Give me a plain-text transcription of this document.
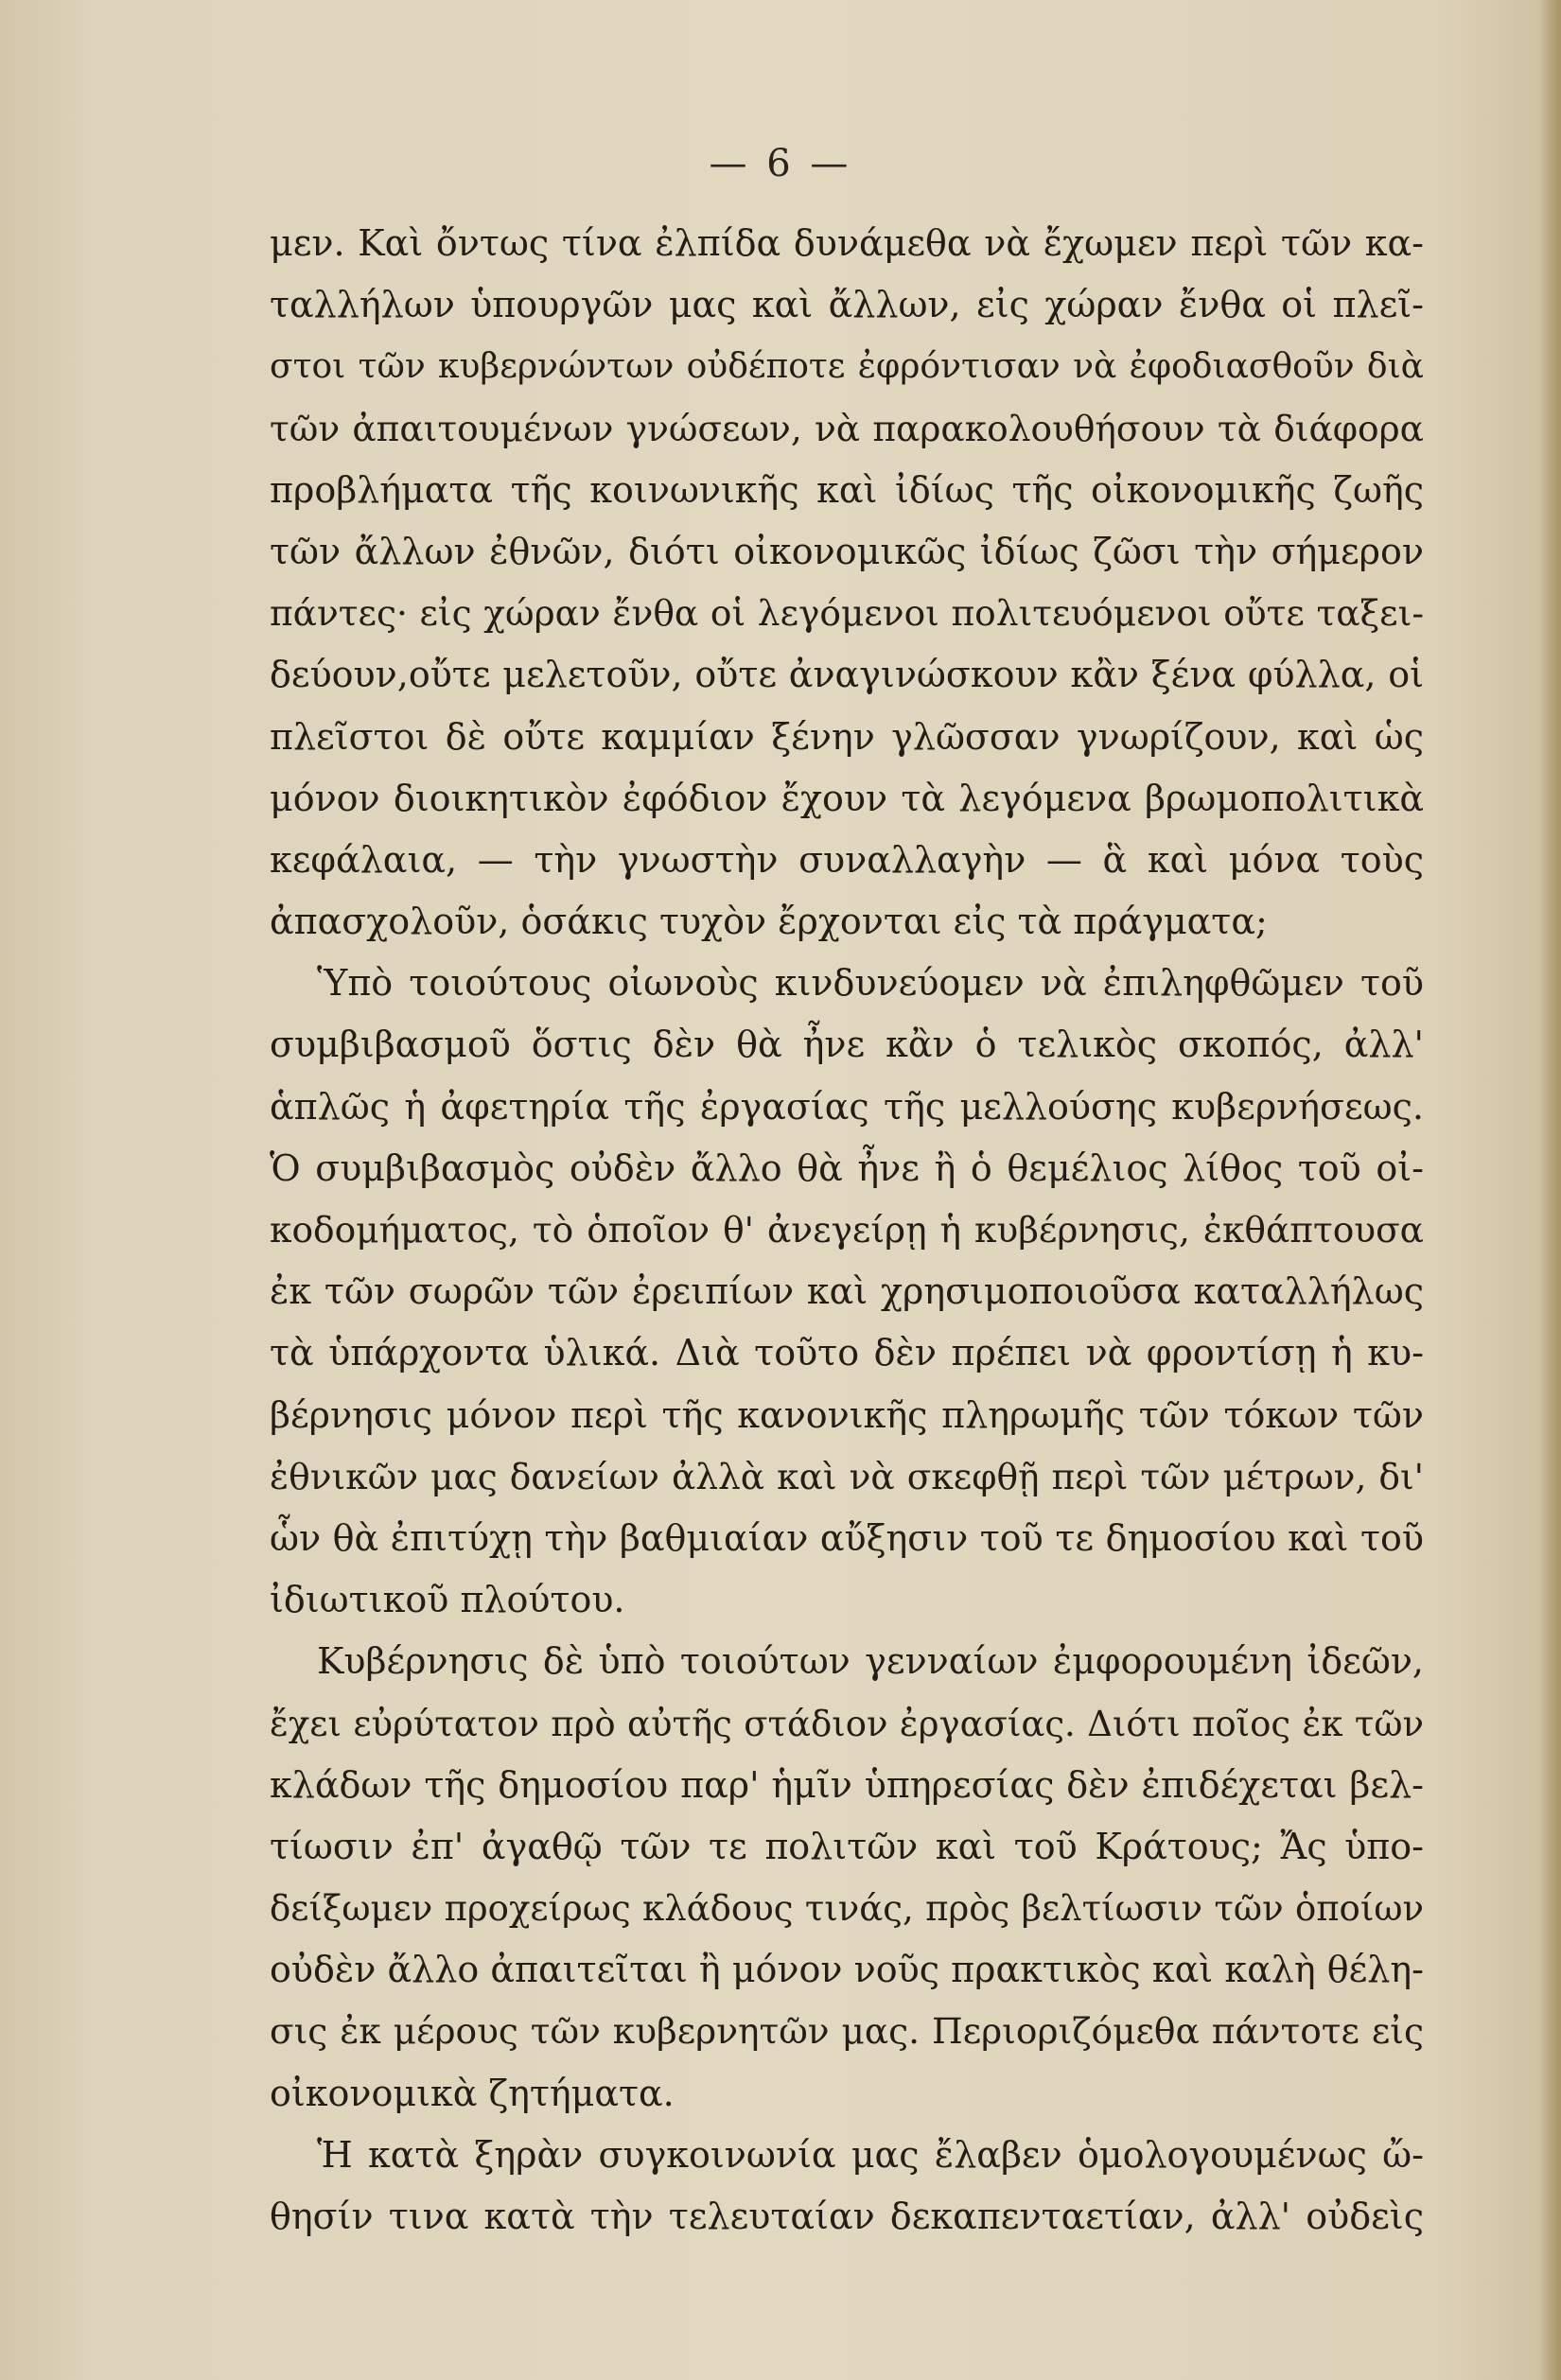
— 6 —
μεν. Καὶ ὄντως τίνα ἐλπίδα δυνάμεθα νὰ ἔχωμεν περὶ τῶν κα-
ταλλήλων ὑπουργῶν μας καὶ ἄλλων, εἰς χώραν ἔνθα οἱ πλεῖ-
στοι τῶν κυβερνώντων οὐδέποτε ἐφρόντισαν νὰ ἐφοδιασθοῦν διὰ
τῶν ἀπαιτουμένων γνώσεων, νὰ παρακολουθήσουν τὰ διάφορα
προβλήματα τῆς κοινωνικῆς καὶ ἰδίως τῆς οἰκονομικῆς ζωῆς
τῶν ἄλλων ἐθνῶν, διότι οἰκονομικῶς ἰδίως ζῶσι τὴν σήμερον
πάντες· εἰς χώραν ἔνθα οἱ λεγόμενοι πολιτευόμενοι οὔτε ταξει-
δεύουν,οὔτε μελετοῦν, οὔτε ἀναγινώσκουν κἂν ξένα φύλλα, οἱ
πλεῖστοι δὲ οὔτε καμμίαν ξένην γλῶσσαν γνωρίζουν, καὶ ὡς
μόνον διοικητικὸν ἐφόδιον ἔχουν τὰ λεγόμενα βρωμοπολιτικὰ
κεφάλαια, — τὴν γνωστὴν συναλλαγὴν — ἃ καὶ μόνα τοὺς
ἀπασχολοῦν, ὁσάκις τυχὸν ἔρχονται εἰς τὰ πράγματα;
Ὑπὸ τοιούτους οἰωνοὺς κινδυνεύομεν νὰ ἐπιληφθῶμεν τοῦ
συμβιβασμοῦ ὅστις δὲν θὰ ἦνε κἂν ὁ τελικὸς σκοπός, ἀλλ'
ἁπλῶς ἡ ἀφετηρία τῆς ἐργασίας τῆς μελλούσης κυβερνήσεως.
Ὁ συμβιβασμὸς οὐδὲν ἄλλο θὰ ἦνε ἢ ὁ θεμέλιος λίθος τοῦ οἰ-
κοδομήματος, τὸ ὁποῖον θ' ἀνεγείρῃ ἡ κυβέρνησις, ἐκθάπτουσα
ἐκ τῶν σωρῶν τῶν ἐρειπίων καὶ χρησιμοποιοῦσα καταλλήλως
τὰ ὑπάρχοντα ὑλικά. Διὰ τοῦτο δὲν πρέπει νὰ φροντίσῃ ἡ κυ-
βέρνησις μόνον περὶ τῆς κανονικῆς πληρωμῆς τῶν τόκων τῶν
ἐθνικῶν μας δανείων ἀλλὰ καὶ νὰ σκεφθῇ περὶ τῶν μέτρων, δι'
ὧν θὰ ἐπιτύχῃ τὴν βαθμιαίαν αὔξησιν τοῦ τε δημοσίου καὶ τοῦ
ἰδιωτικοῦ πλούτου.
Κυβέρνησις δὲ ὑπὸ τοιούτων γενναίων ἐμφορουμένη ἰδεῶν,
ἔχει εὐρύτατον πρὸ αὐτῆς στάδιον ἐργασίας. Διότι ποῖος ἐκ τῶν
κλάδων τῆς δημοσίου παρ' ἡμῖν ὑπηρεσίας δὲν ἐπιδέχεται βελ-
τίωσιν ἐπ' ἀγαθῷ τῶν τε πολιτῶν καὶ τοῦ Κράτους; Ἄς ὑπο-
δείξωμεν προχείρως κλάδους τινάς, πρὸς βελτίωσιν τῶν ὁποίων
οὐδὲν ἄλλο ἀπαιτεῖται ἢ μόνον νοῦς πρακτικὸς καὶ καλὴ θέλη-
σις ἐκ μέρους τῶν κυβερνητῶν μας. Περιοριζόμεθα πάντοτε εἰς
οἰκονομικὰ ζητήματα.
Ἡ κατὰ ξηρὰν συγκοινωνία μας ἔλαβεν ὁμολογουμένως ὤ-
θησίν τινα κατὰ τὴν τελευταίαν δεκαπενταετίαν, ἀλλ' οὐδεὶς
